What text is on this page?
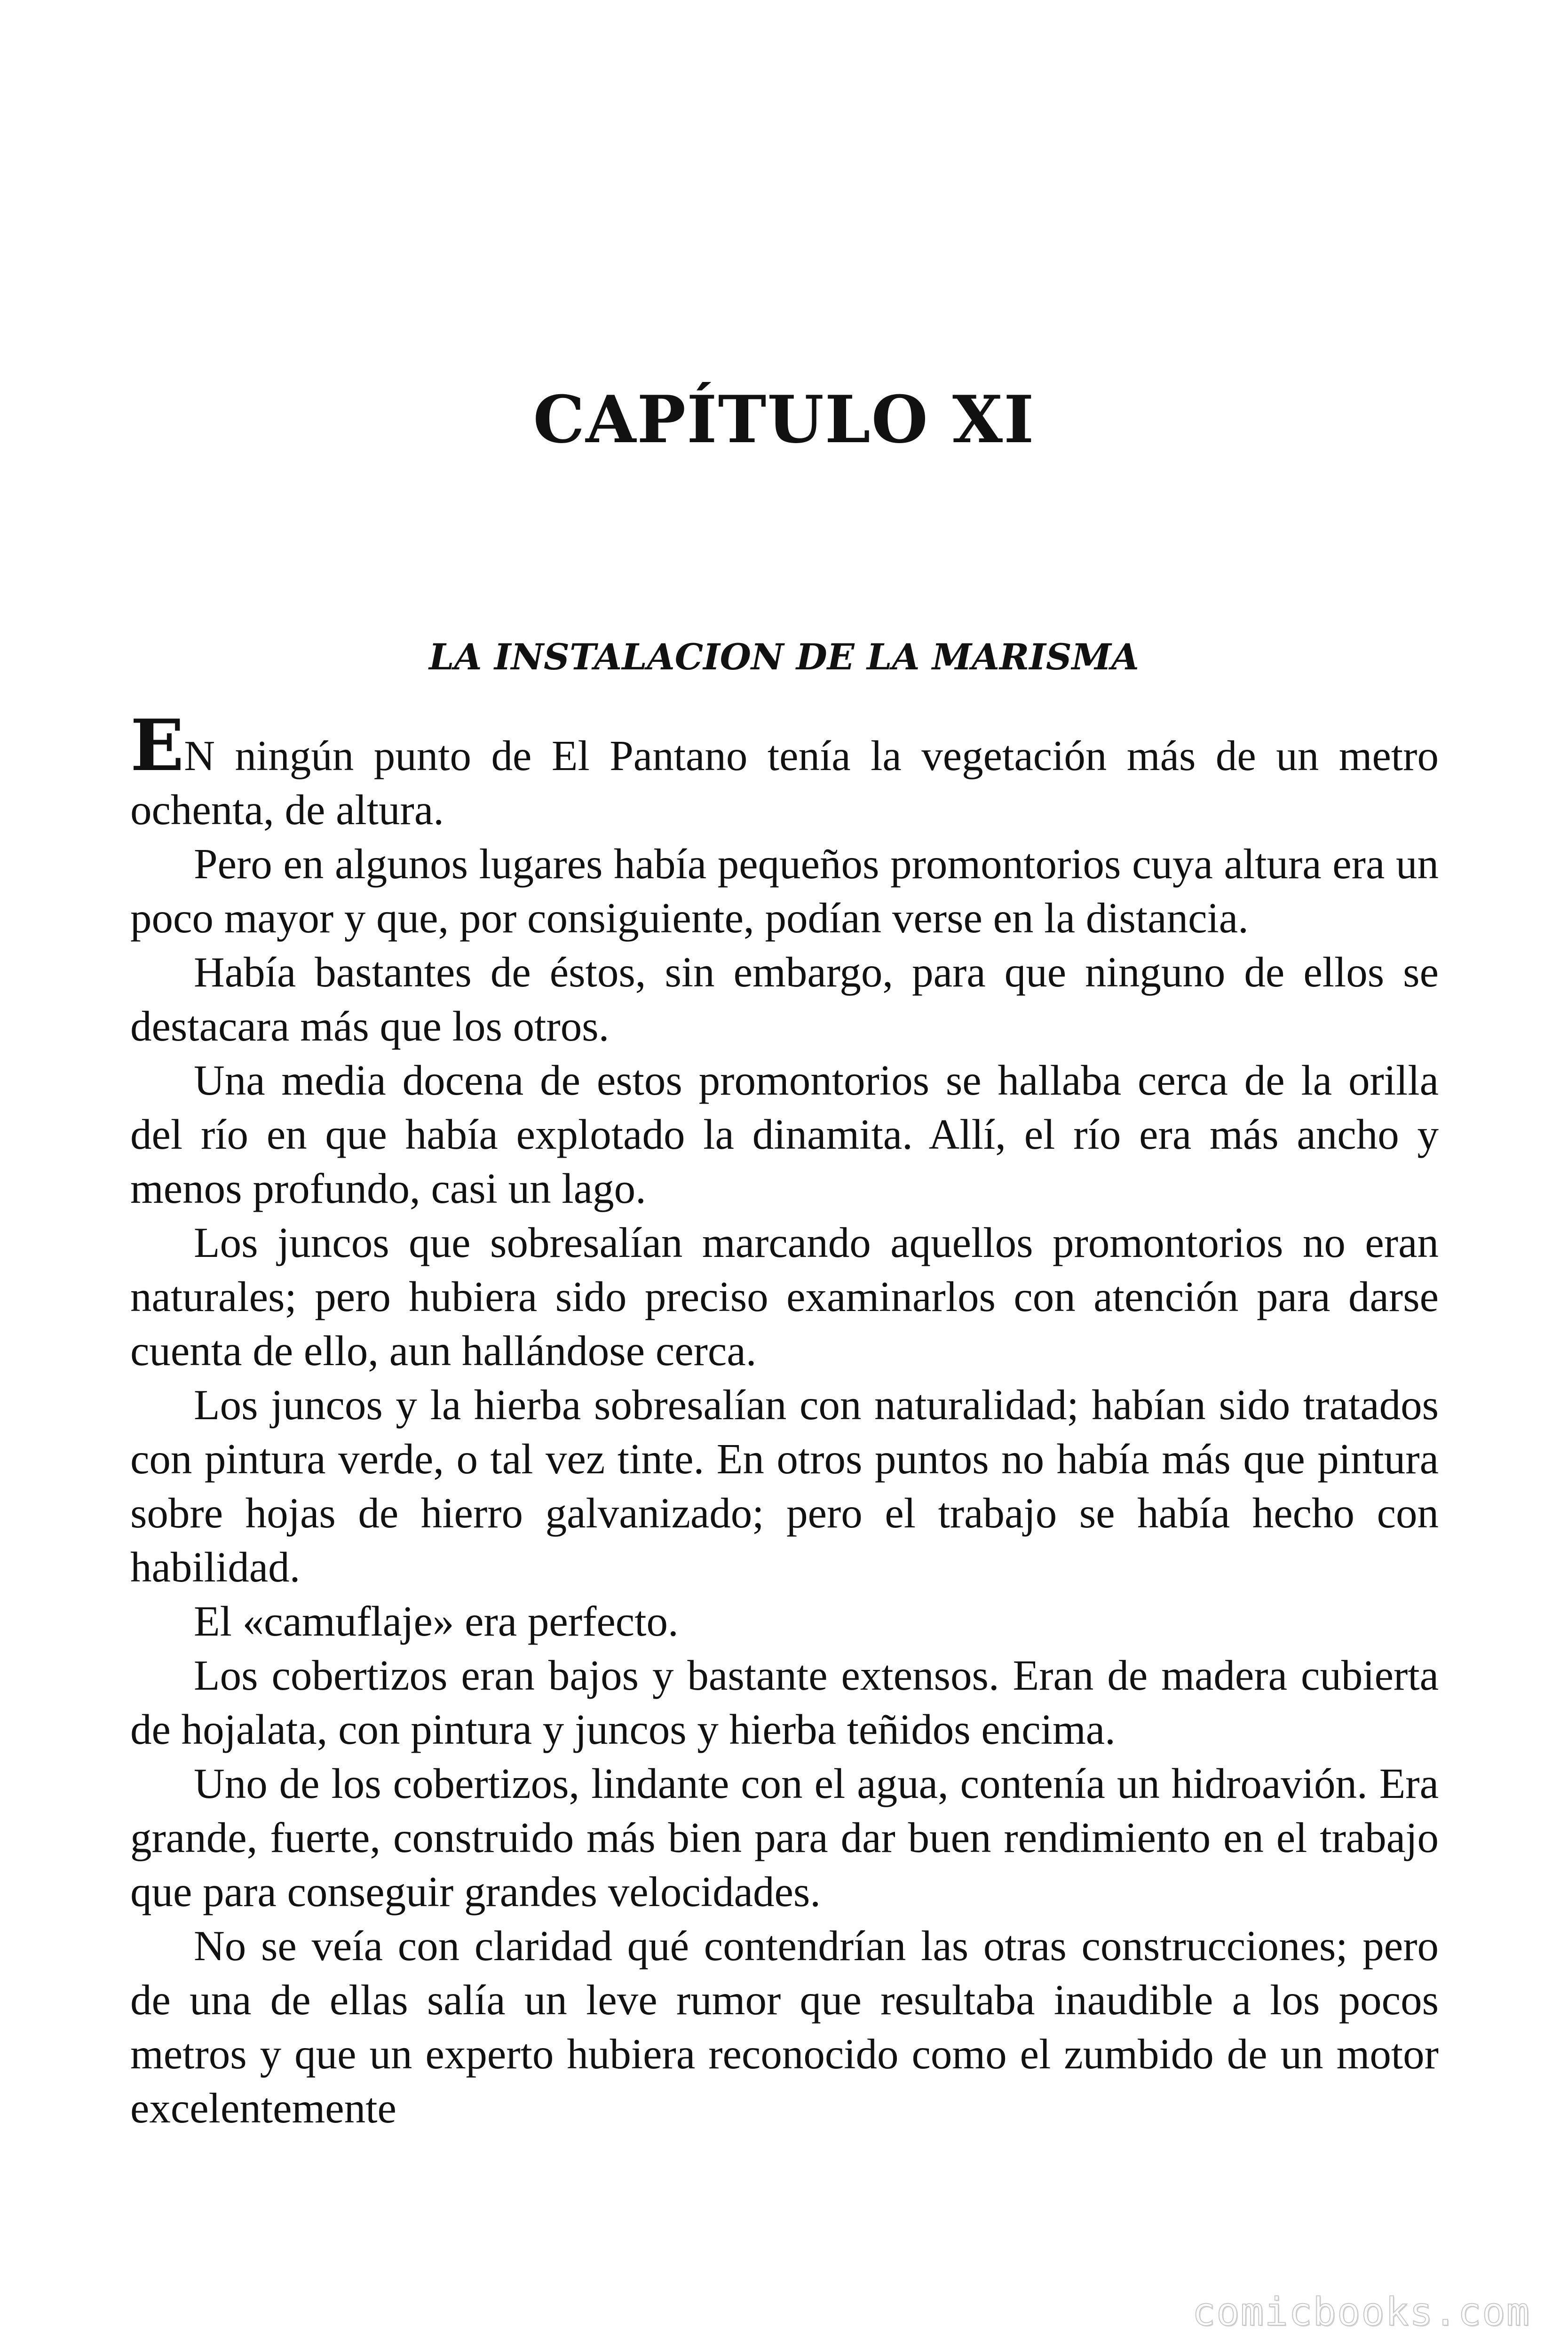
CAPÍTULO XI
LA INSTALACION DE LA MARISMA

EN ningún punto de El Pantano tenía la vegetación más de un metro ochenta, de altura.

Pero en algunos lugares había pequeños promontorios cuya altura era un poco mayor y que, por consiguiente, podían verse en la distancia.

Había bastantes de éstos, sin embargo, para que ninguno de ellos se destacara más que los otros.

Una media docena de estos promontorios se hallaba cerca de la orilla del río en que había explotado la dinamita. Allí, el río era más ancho y menos profundo, casi un lago.

Los juncos que sobresalían marcando aquellos promontorios no eran naturales; pero hubiera sido preciso examinarlos con atención para darse cuenta de ello, aun hallándose cerca.

Los juncos y la hierba sobresalían con naturalidad; habían sido tratados con pintura verde, o tal vez tinte. En otros puntos no había más que pintura sobre hojas de hierro galvanizado; pero el trabajo se había hecho con habilidad.

El «camuflaje» era perfecto.

Los cobertizos eran bajos y bastante extensos. Eran de madera cubierta de hojalata, con pintura y juncos y hierba teñidos encima.

Uno de los cobertizos, lindante con el agua, contenía un hidroavión. Era grande, fuerte, construido más bien para dar buen rendimiento en el trabajo que para conseguir grandes velocidades.

No se veía con claridad qué contendrían las otras construcciones; pero de una de ellas salía un leve rumor que resultaba inaudible a los pocos metros y que un experto hubiera reconocido como el zumbido de un motor excelentemente

comicbooks.com
